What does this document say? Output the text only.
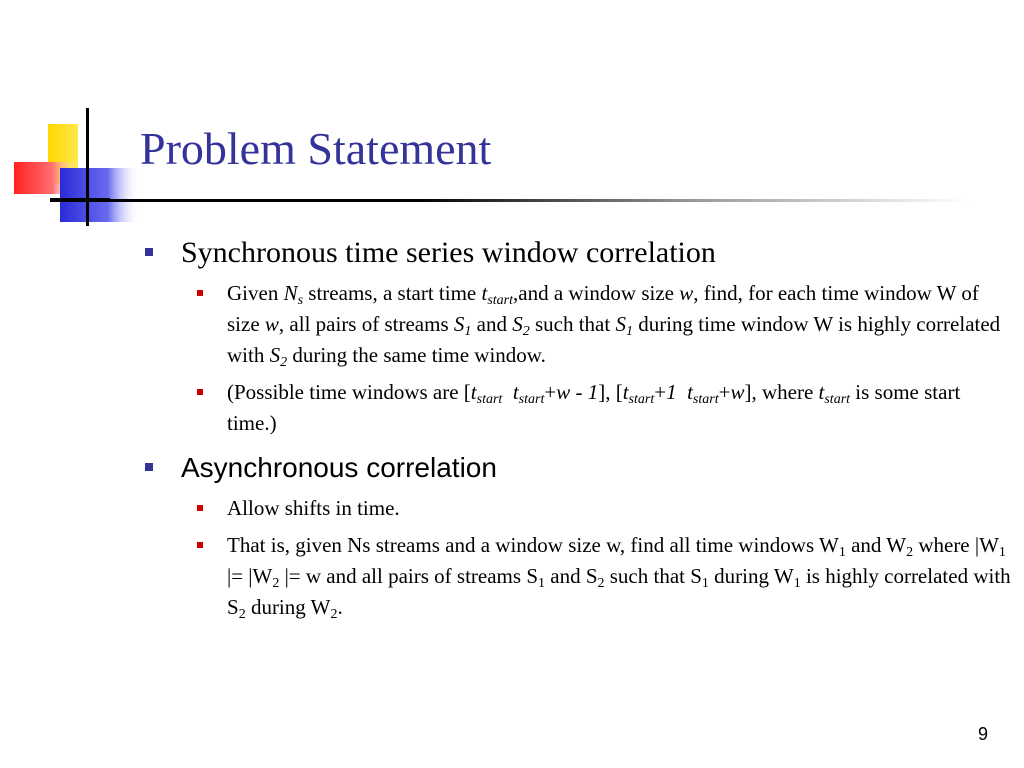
Problem Statement
Synchronous time series window correlation
Given $N_s$ streams, a start time $t_{start},and$ a window size w, find, for each time window W of size w, all pairs of streams $S_1$ and $S_2$ such that $S_1$ during time window W is highly correlated  with $S_2$ during the same time window.
(Possible time windows are [$t_{start}$ $t_{start}+w - 1$], [$t_{start}+1$ $t_{start}+w$], where $t_{start}$ is some start time.)
Asynchronous correlation
Allow shifts in time.
That is, given Ns streams and a window size w, find all time windows $W_1$ and $W_2$ where $|W_1$ |= $|W_2$ |= w and all pairs of streams $S_1$ and $S_2$ such that $S_1$ during $W_1$ is highly correlated with $S_2$ during $W_2$.
9
